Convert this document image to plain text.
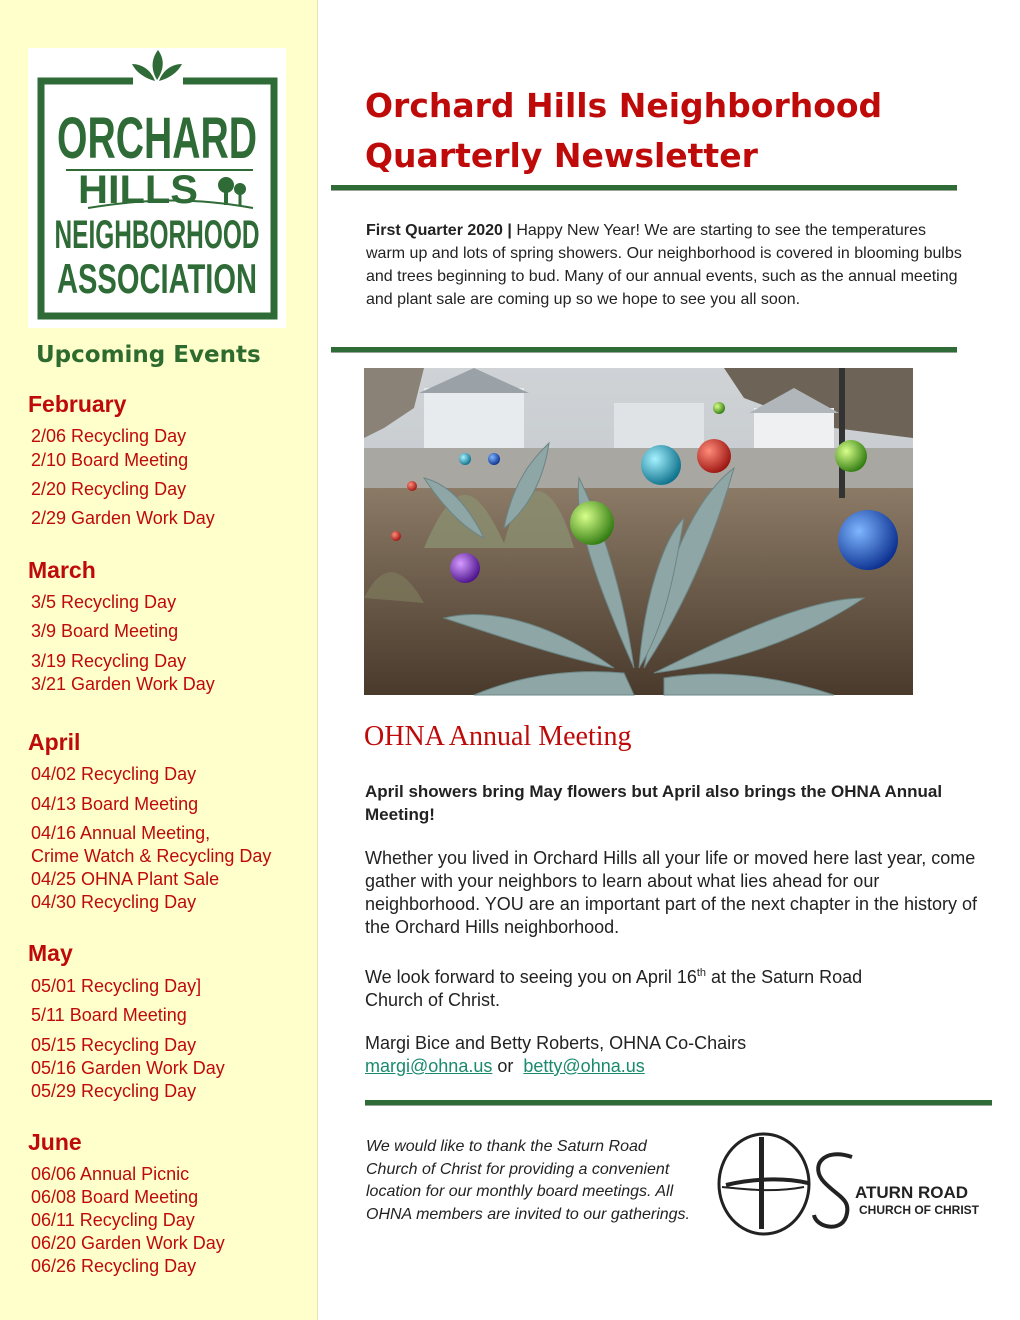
ORCHARD
HILLS
NEIGHBORHOOD
ASSOCIATION
Upcoming Events
February
2/06 Recycling Day
2/10 Board Meeting
2/20 Recycling Day
2/29 Garden Work Day
March
3/5 Recycling Day
3/9 Board Meeting
3/19 Recycling Day
3/21 Garden Work Day
April
04/02 Recycling Day
04/13 Board Meeting
04/16 Annual Meeting,
Crime Watch & Recycling Day
04/25 OHNA Plant Sale
04/30 Recycling Day
May
05/01 Recycling Day]
5/11 Board Meeting
05/15 Recycling Day
05/16 Garden Work Day
05/29 Recycling Day
June
06/06 Annual Picnic
06/08 Board Meeting
06/11 Recycling Day
06/20 Garden Work Day
06/26 Recycling Day
Orchard Hills Neighborhood
Quarterly Newsletter
First Quarter 2020 | Happy New Year! We are starting to see the temperatures warm up and lots of spring showers. Our neighborhood is covered in blooming bulbs and trees beginning to bud. Many of our annual events, such as the annual meeting and plant sale are coming up so we hope to see you all soon.
OHNA Annual Meeting
April showers bring May flowers but April also brings the OHNA Annual Meeting!
Whether you lived in Orchard Hills all your life or moved here last year, come gather with your neighbors to learn about what lies ahead for our neighborhood. YOU are an important part of the next chapter in the history of the Orchard Hills neighborhood.
We look forward to seeing you on April 16th at the Saturn Road Church of Christ.
Margi Bice and Betty Roberts, OHNA Co-Chairs
margi@ohna.us or betty@ohna.us
We would like to thank the Saturn Road Church of Christ for providing a convenient location for our monthly board meetings. All OHNA members are invited to our gatherings.
ATURN ROAD
CHURCH OF CHRIST
